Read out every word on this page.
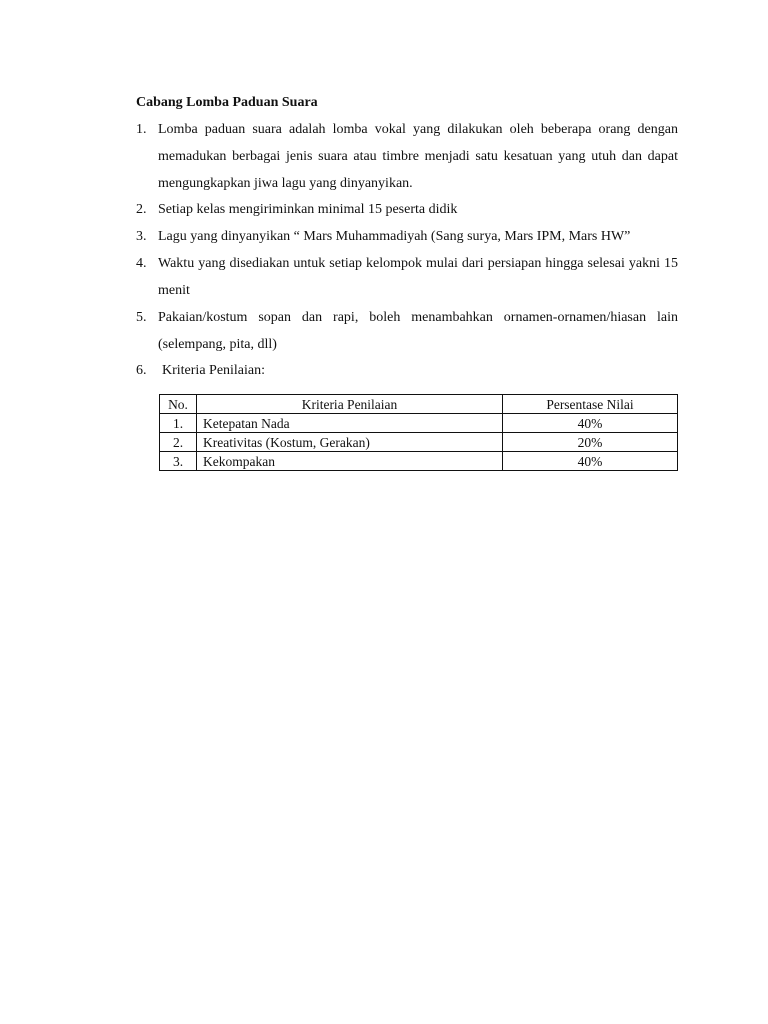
Cabang Lomba Paduan Suara
1. Lomba paduan suara adalah lomba vokal yang dilakukan oleh beberapa orang dengan memadukan berbagai jenis suara atau timbre menjadi satu kesatuan yang utuh dan dapat mengungkapkan jiwa lagu yang dinyanyikan.
2. Setiap kelas mengiriminkan minimal 15 peserta didik
3. Lagu yang dinyanyikan “ Mars Muhammadiyah (Sang surya, Mars IPM, Mars HW”
4. Waktu yang disediakan untuk setiap kelompok mulai dari persiapan hingga selesai yakni 15 menit
5. Pakaian/kostum sopan dan rapi, boleh menambahkan ornamen-ornamen/hiasan lain (selempang, pita, dll)
6.	Kriteria Penilaian:
No.	Kriteria Penilaian	Persentase Nilai
1.	Ketepatan Nada	40%
2.	Kreativitas (Kostum, Gerakan)	20%
3.	Kekompakan	40%
